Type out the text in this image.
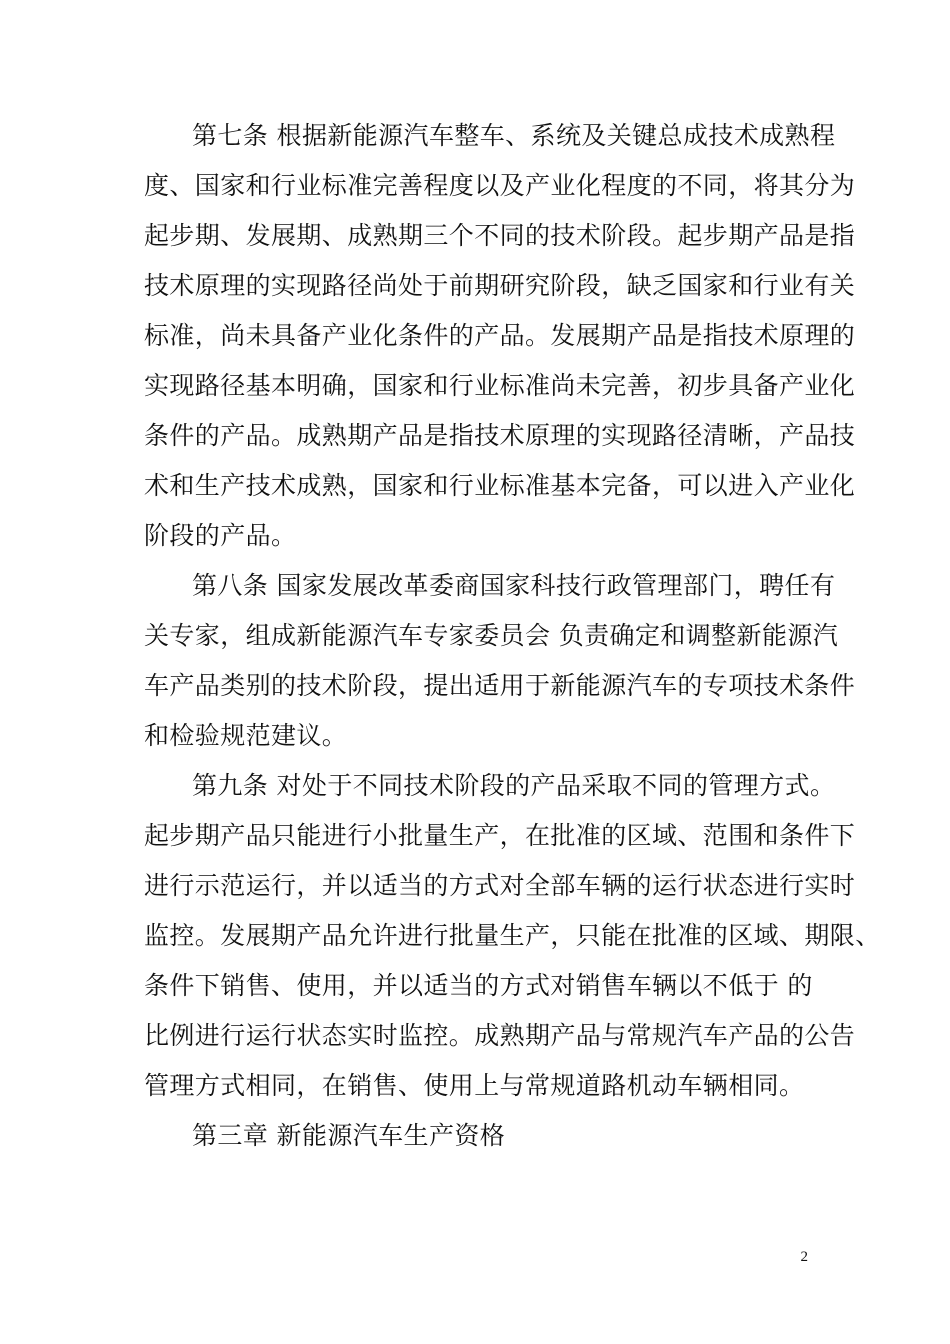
第七条 根据新能源汽车整车、系统及关键总成技术成熟程
度、国家和行业标准完善程度以及产业化程度的不同，将其分为
起步期、发展期、成熟期三个不同的技术阶段。起步期产品是指
技术原理的实现路径尚处于前期研究阶段，缺乏国家和行业有关
标准，尚未具备产业化条件的产品。发展期产品是指技术原理的
实现路径基本明确，国家和行业标准尚未完善，初步具备产业化
条件的产品。成熟期产品是指技术原理的实现路径清晰，产品技
术和生产技术成熟，国家和行业标准基本完备，可以进入产业化
阶段的产品。
第八条 国家发展改革委商国家科技行政管理部门，聘任有
关专家，组成新能源汽车专家委员会 负责确定和调整新能源汽
车产品类别的技术阶段，提出适用于新能源汽车的专项技术条件
和检验规范建议。
第九条 对处于不同技术阶段的产品采取不同的管理方式。
起步期产品只能进行小批量生产，在批准的区域、范围和条件下
进行示范运行，并以适当的方式对全部车辆的运行状态进行实时
监控。发展期产品允许进行批量生产，只能在批准的区域、期限、
条件下销售、使用，并以适当的方式对销售车辆以不低于 的
比例进行运行状态实时监控。成熟期产品与常规汽车产品的公告
管理方式相同，在销售、使用上与常规道路机动车辆相同。
第三章 新能源汽车生产资格
2
